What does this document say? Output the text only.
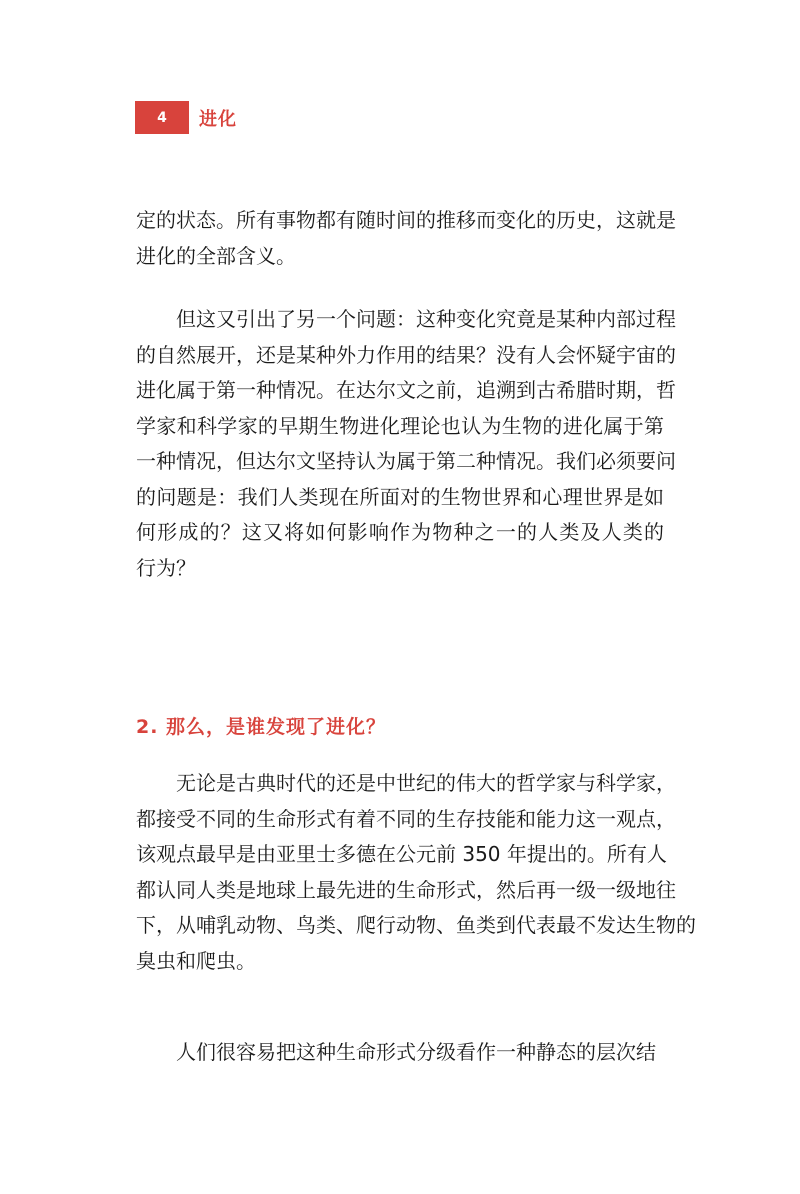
4 进化
定的状态。所有事物都有随时间的推移而变化的历史，这就是
进化的全部含义。
但这又引出了另一个问题：这种变化究竟是某种内部过程
的自然展开，还是某种外力作用的结果？没有人会怀疑宇宙的
进化属于第一种情况。在达尔文之前，追溯到古希腊时期，哲
学家和科学家的早期生物进化理论也认为生物的进化属于第
一种情况，但达尔文坚持认为属于第二种情况。我们必须要问
的问题是：我们人类现在所面对的生物世界和心理世界是如
何形成的？这又将如何影响作为物种之一的人类及人类的
行为？
2. 那么，是谁发现了进化？
无论是古典时代的还是中世纪的伟大的哲学家与科学家，
都接受不同的生命形式有着不同的生存技能和能力这一观点，
该观点最早是由亚里士多德在公元前 350 年提出的。所有人
都认同人类是地球上最先进的生命形式，然后再一级一级地往
下，从哺乳动物、鸟类、爬行动物、鱼类到代表最不发达生物的
臭虫和爬虫。
人们很容易把这种生命形式分级看作一种静态的层次结
